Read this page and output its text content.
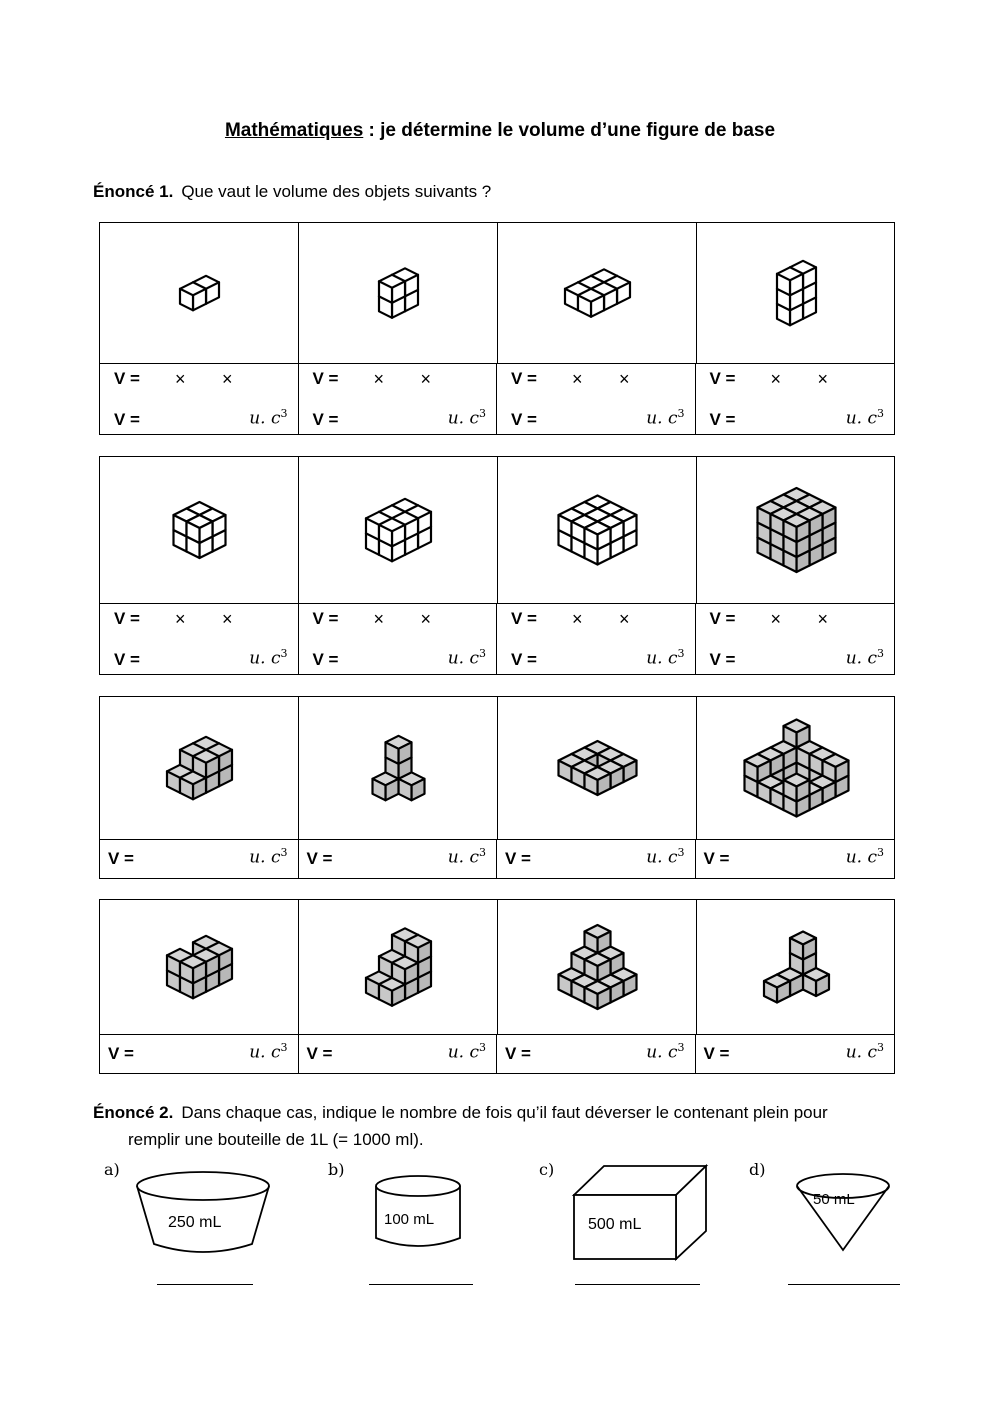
Mathématiques : je détermine le volume d’une figure de base
Énoncé 1. Que vaut le volume des objets suivants ?
V = × ×
V =	u. $c^3$
V = × ×
V =	u. $c^3$
V = × ×
V =	u. $c^3$
V = × ×
V =	u. $c^3$
V = × ×
V =	u. $c^3$
V = × ×
V =	u. $c^3$
V = × ×
V =	u. $c^3$
V = × ×
V =	u. $c^3$
V =	u. $c^3$ V =	u. $c^3$ V =	u. $c^3$ V =	u. $c^3$
V =	u. $c^3$ V =	u. $c^3$ V =	u. $c^3$ V =	u. $c^3$
Énoncé 2. Dans chaque cas, indique le nombre de fois qu’il faut déverser le contenant plein pour
remplir une bouteille de 1L (= 1000 ml).
a)
250 mL
b)
100 mL
c)
500 mL
d)
50 mL
